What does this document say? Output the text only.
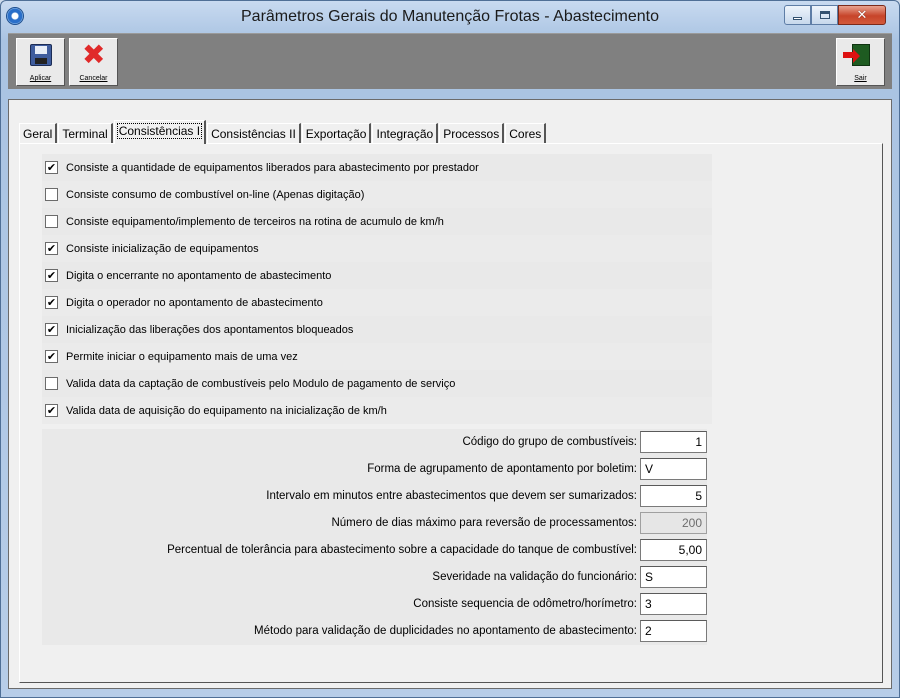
Parâmetros Gerais do Manutenção Frotas - Abastecimento	✕
Aplicar
✖
Cancelar	Sair
Geral Terminal Consistências I Consistências II Exportação Integração Processos Cores
✔ Consiste a quantidade de equipamentos liberados para abastecimento por prestador
Consiste consumo de combustível on-line (Apenas digitação)
Consiste equipamento/implemento de terceiros na rotina de acumulo de km/h
✔ Consiste inicialização de equipamentos
✔ Digita o encerrante no apontamento de abastecimento
✔ Digita o operador no apontamento de abastecimento
✔ Inicialização das liberações dos apontamentos bloqueados
✔ Permite iniciar o equipamento mais de uma vez
Valida data da captação de combustíveis pelo Modulo de pagamento de serviço
✔ Valida data de aquisição do equipamento na inicialização de km/h
Código do grupo de combustíveis:
1
Forma de agrupamento de apontamento por boletim:
V
Intervalo em minutos entre abastecimentos que devem ser sumarizados:
5
Número de dias máximo para reversão de processamentos:
200
Percentual de tolerância para abastecimento sobre a capacidade do tanque de combustível:
5,00
Severidade na validação do funcionário:
S
Consiste sequencia de odômetro/horímetro:
3
Método para validação de duplicidades no apontamento de abastecimento:
2
